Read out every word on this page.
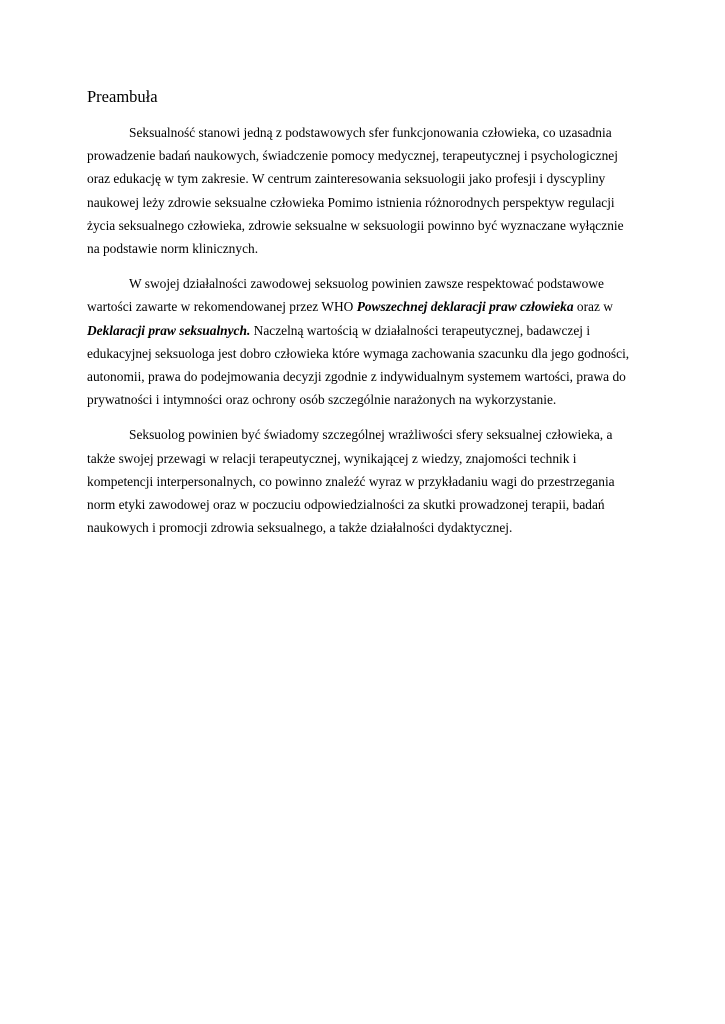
Preambuła
Seksualność stanowi jedną z podstawowych sfer funkcjonowania człowieka, co uzasadnia
prowadzenie badań naukowych, świadczenie pomocy medycznej, terapeutycznej i psychologicznej
oraz edukację w tym zakresie. W centrum zainteresowania seksuologii jako profesji i dyscypliny
naukowej leży zdrowie seksualne człowieka Pomimo istnienia różnorodnych perspektyw regulacji
życia seksualnego człowieka, zdrowie seksualne w seksuologii powinno być wyznaczane wyłącznie
na podstawie norm klinicznych.
W swojej działalności zawodowej seksuolog powinien zawsze respektować podstawowe
wartości zawarte w rekomendowanej przez WHO Powszechnej deklaracji praw człowieka oraz w
Deklaracji praw seksualnych. Naczelną wartością w działalności terapeutycznej, badawczej i
edukacyjnej seksuologa jest dobro człowieka które wymaga zachowania szacunku dla jego godności,
autonomii, prawa do podejmowania decyzji zgodnie z indywidualnym systemem wartości, prawa do
prywatności i intymności oraz ochrony osób szczególnie narażonych na wykorzystanie.
Seksuolog powinien być świadomy szczególnej wrażliwości sfery seksualnej człowieka, a
także swojej przewagi w relacji terapeutycznej, wynikającej z wiedzy, znajomości technik i
kompetencji interpersonalnych, co powinno znaleźć wyraz w przykładaniu wagi do przestrzegania
norm etyki zawodowej oraz w poczuciu odpowiedzialności za skutki prowadzonej terapii, badań
naukowych i promocji zdrowia seksualnego, a także działalności dydaktycznej.
